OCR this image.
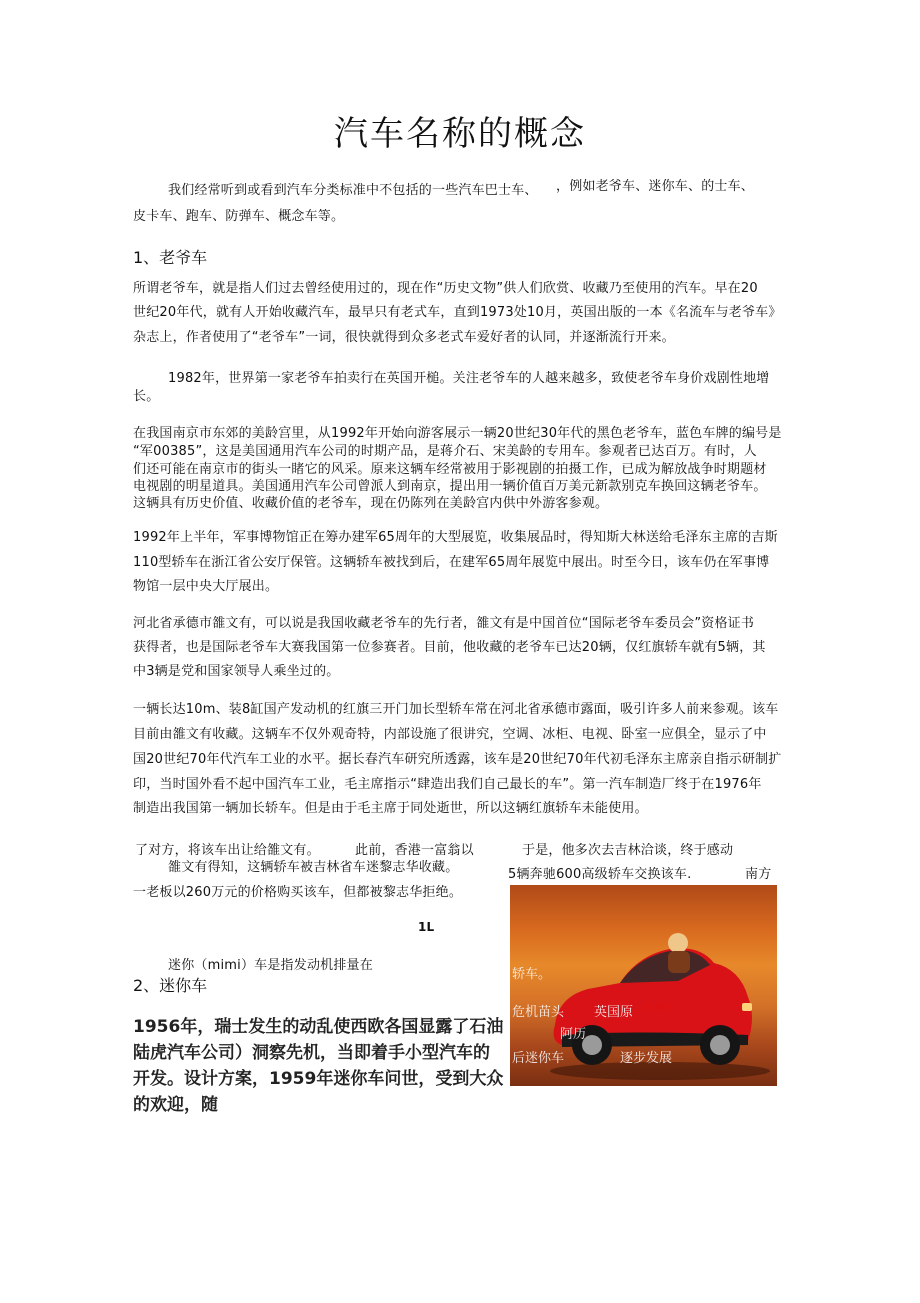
汽车名称的概念
我们经常听到或看到汽车分类标准中不包括的一些汽车巴士车、 ，例如老爷车、迷你车、的士车、
皮卡车、跑车、防弹车、概念车等。
1、老爷车
所谓老爷车，就是指人们过去曾经使用过的，现在作“历史文物”供人们欣赏、收藏乃至使用的汽车。早在20
世纪20年代，就有人开始收藏汽车，最早只有老式车，直到1973处10月，英国出版的一本《名流车与老爷车》
杂志上，作者使用了“老爷车”一词，很快就得到众多老式车爱好者的认同，并逐渐流行开来。
1982年，世界第一家老爷车拍卖行在英国开槌。关注老爷车的人越来越多，致使老爷车身价戏剧性地增
长。
在我国南京市东郊的美龄宫里，从1992年开始向游客展示一辆20世纪30年代的黑色老爷车，蓝色车牌的编号是
“军00385”，这是美国通用汽车公司的时期产品，是蒋介石、宋美龄的专用车。参观者已达百万。有时，人
们还可能在南京市的街头一睹它的风采。原来这辆车经常被用于影视剧的拍摄工作，已成为解放战争时期题材
电视剧的明星道具。美国通用汽车公司曾派人到南京，提出用一辆价值百万美元新款别克车换回这辆老爷车。
这辆具有历史价值、收藏价值的老爷车，现在仍陈列在美龄宫内供中外游客参观。
1992年上半年，军事博物馆正在筹办建军65周年的大型展览，收集展品时，得知斯大林送给毛泽东主席的吉斯
110型轿车在浙江省公安厅保管。这辆轿车被找到后，在建军65周年展览中展出。时至今日，该车仍在军事博
物馆一层中央大厅展出。
河北省承德市雒文有，可以说是我国收藏老爷车的先行者，雒文有是中国首位“国际老爷车委员会”资格证书
获得者，也是国际老爷车大赛我国第一位参赛者。目前，他收藏的老爷车已达20辆，仅红旗轿车就有5辆，其
中3辆是党和国家领导人乘坐过的。
一辆长达10m、装8缸国产发动机的红旗三开门加长型轿车常在河北省承德市露面，吸引许多人前来参观。该车
目前由雒文有收藏。这辆车不仅外观奇特，内部设施了很讲究，空调、冰柜、电视、卧室一应俱全，显示了中
国20世纪70年代汽车工业的水平。据长春汽车研究所透露，该车是20世纪70年代初毛泽东主席亲自指示研制扩
印，当时国外看不起中国汽车工业，毛主席指示“肆造出我们自己最长的车”。第一汽车制造厂终于在1976年
制造出我国第一辆加长轿车。但是由于毛主席于同处逝世，所以这辆红旗轿车未能使用。
了对方，将该车出让给雒文有。	此前，香港一富翁以	于是，他多次去吉林洽谈，终于感动
雒文有得知，这辆轿车被吉林省车迷黎志华收藏。	5辆奔驰600高级轿车交换该车.	南方
一老板以260万元的价格购买该车，但都被黎志华拒绝。
1L
迷你（mimi）车是指发动机排量在
2、迷你车
1956年，瑞士发生的动乱使西欧各国显露了石油
陆虎汽车公司）洞察先机，当即着手小型汽车的
开发。设计方案，1959年迷你车问世，受到大众
的欢迎，随
轿车。
危机苗头 英国原 BMC
阿历
后迷你车	逐步发展
